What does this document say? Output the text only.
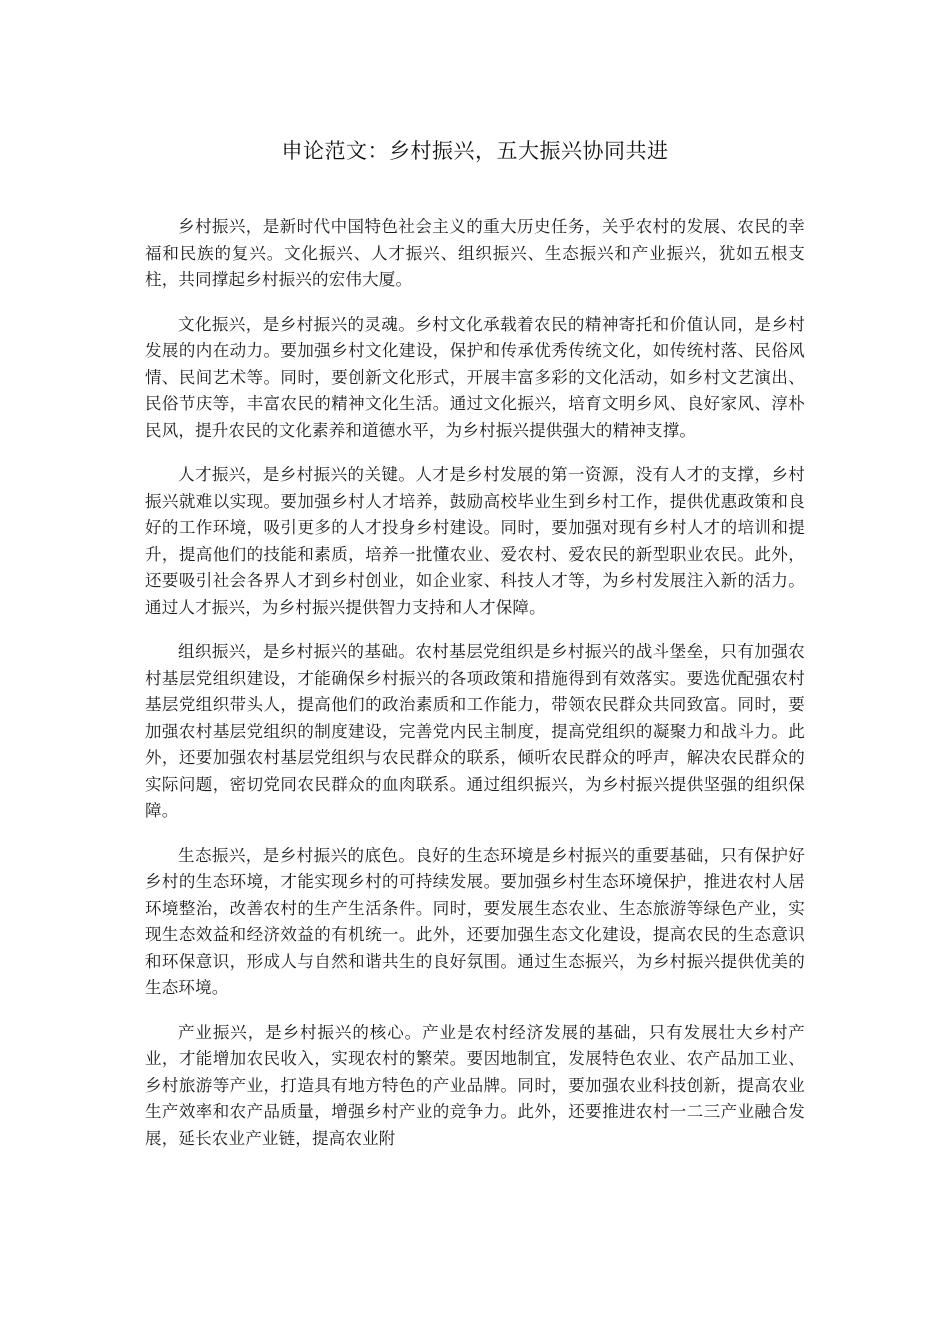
申论范文：乡村振兴，五大振兴协同共进

乡村振兴，是新时代中国特色社会主义的重大历史任务，关乎农村的发展、农民的幸福和民族的复兴。文化振兴、人才振兴、组织振兴、生态振兴和产业振兴，犹如五根支柱，共同撑起乡村振兴的宏伟大厦。

文化振兴，是乡村振兴的灵魂。乡村文化承载着农民的精神寄托和价值认同，是乡村发展的内在动力。要加强乡村文化建设，保护和传承优秀传统文化，如传统村落、民俗风情、民间艺术等。同时，要创新文化形式，开展丰富多彩的文化活动，如乡村文艺演出、民俗节庆等，丰富农民的精神文化生活。通过文化振兴，培育文明乡风、良好家风、淳朴民风，提升农民的文化素养和道德水平，为乡村振兴提供强大的精神支撑。

人才振兴，是乡村振兴的关键。人才是乡村发展的第一资源，没有人才的支撑，乡村振兴就难以实现。要加强乡村人才培养，鼓励高校毕业生到乡村工作，提供优惠政策和良好的工作环境，吸引更多的人才投身乡村建设。同时，要加强对现有乡村人才的培训和提升，提高他们的技能和素质，培养一批懂农业、爱农村、爱农民的新型职业农民。此外，还要吸引社会各界人才到乡村创业，如企业家、科技人才等，为乡村发展注入新的活力。通过人才振兴，为乡村振兴提供智力支持和人才保障。

组织振兴，是乡村振兴的基础。农村基层党组织是乡村振兴的战斗堡垒，只有加强农村基层党组织建设，才能确保乡村振兴的各项政策和措施得到有效落实。要选优配强农村基层党组织带头人，提高他们的政治素质和工作能力，带领农民群众共同致富。同时，要加强农村基层党组织的制度建设，完善党内民主制度，提高党组织的凝聚力和战斗力。此外，还要加强农村基层党组织与农民群众的联系，倾听农民群众的呼声，解决农民群众的实际问题，密切党同农民群众的血肉联系。通过组织振兴，为乡村振兴提供坚强的组织保障。

生态振兴，是乡村振兴的底色。良好的生态环境是乡村振兴的重要基础，只有保护好乡村的生态环境，才能实现乡村的可持续发展。要加强乡村生态环境保护，推进农村人居环境整治，改善农村的生产生活条件。同时，要发展生态农业、生态旅游等绿色产业，实现生态效益和经济效益的有机统一。此外，还要加强生态文化建设，提高农民的生态意识和环保意识，形成人与自然和谐共生的良好氛围。通过生态振兴，为乡村振兴提供优美的生态环境。

产业振兴，是乡村振兴的核心。产业是农村经济发展的基础，只有发展壮大乡村产业，才能增加农民收入，实现农村的繁荣。要因地制宜，发展特色农业、农产品加工业、乡村旅游等产业，打造具有地方特色的产业品牌。同时，要加强农业科技创新，提高农业生产效率和农产品质量，增强乡村产业的竞争力。此外，还要推进农村一二三产业融合发展，延长农业产业链，提高农业附
